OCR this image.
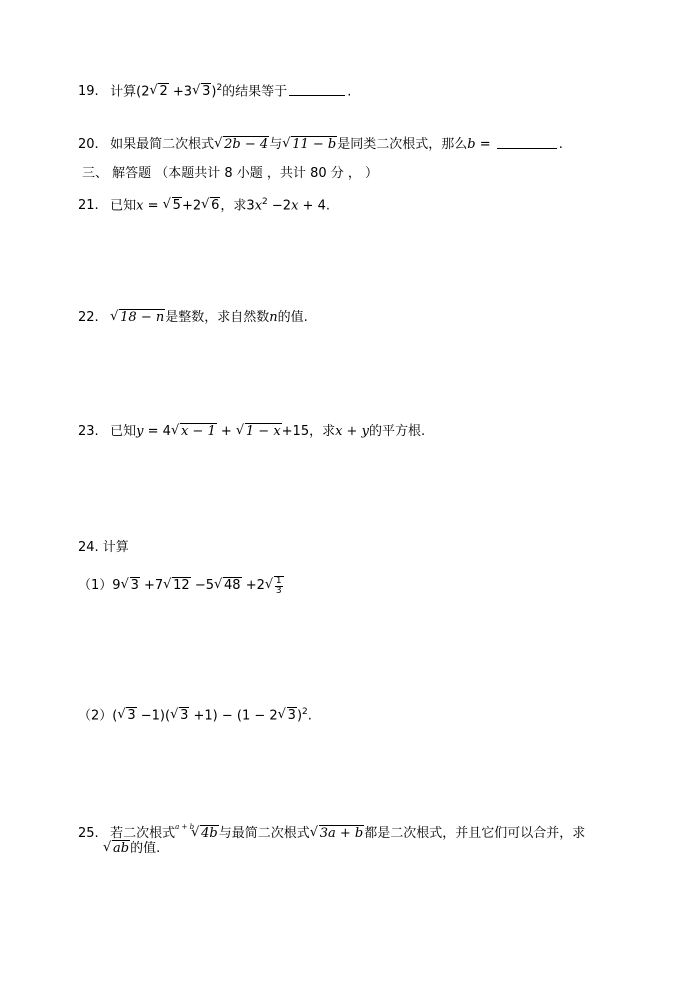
19. 计算(2 √ 2 +3 √ 3)$^2$的结果等于	.
20. 如果最简二次根式 √ 2b − 4与 √ 11 − b是同类二次根式，那么b =	.
三、 解答题 （本题共计 8 小题 ，共计 80 分 ， ）
21. 已知x = √ 5+2 √ 6，求$3x^2 -2x + 4$.
22. √ 18 − n是整数，求自然数n的值.
23. 已知y = 4 √ x − 1 + √ 1 − x+15，求x + y的平方根.
24. 计算
（1）9 √ 3 +7 √ 12 −5 √ 48 +2 √ $\frac{1}{3}$
（2）( √ 3 −1)( √ 3 +1) − (1 − 2 √ 3)$^2$.
25. 若二次根式$^{a + b}$ √ 4b与最简二次根式 √ 3a + b都是二次根式，并且它们可以合并，求
√ ab的值.
